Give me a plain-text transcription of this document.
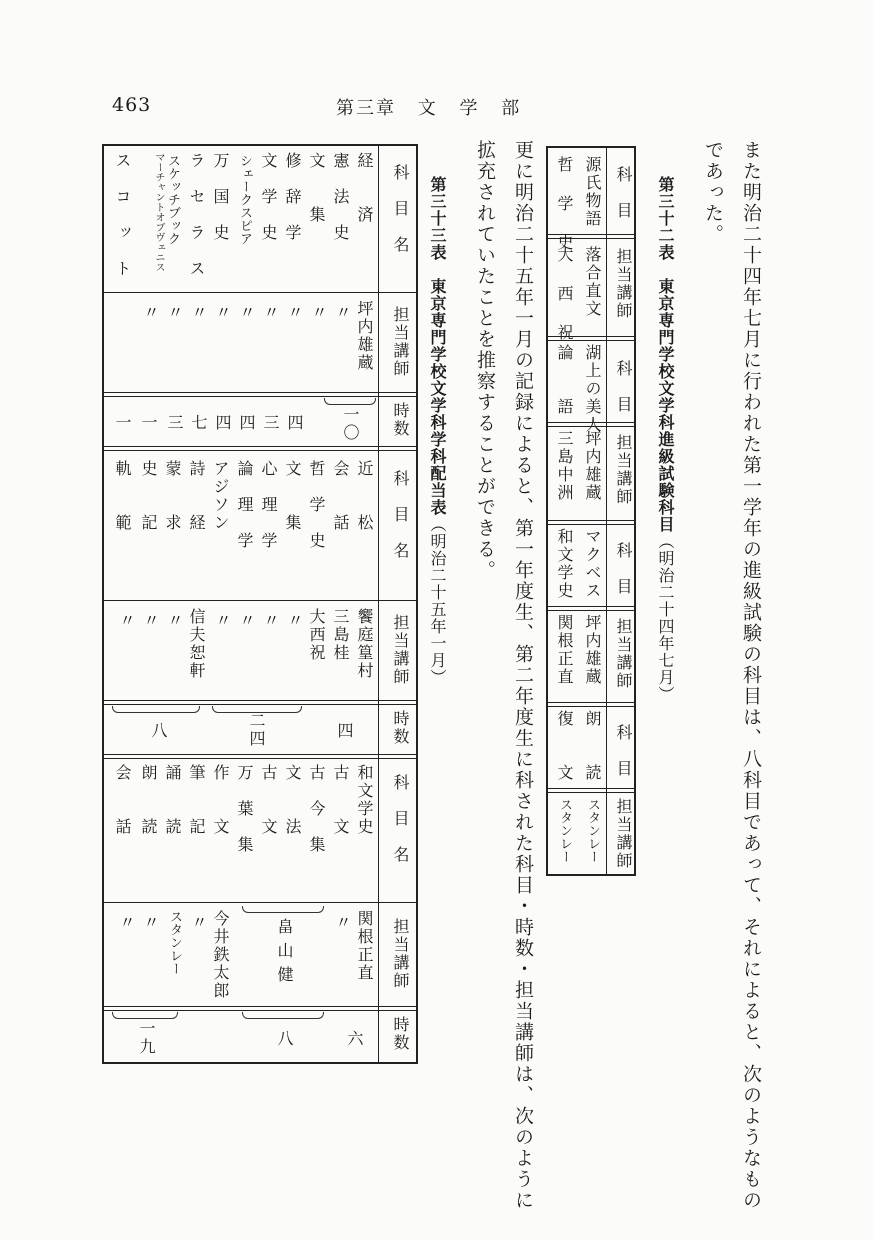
463	第三章 文 学 部
また明治二十四年七月に行われた第一学年の進級試験の科目は、八科目であって、それによると、次のようなもの
であった。
第三十二表　東京専門学校文学科進級試験科目（明治二十四年七月）
科　目
担当講師
科　目
担当講師
科　目
担当講師
科　目
担当講師
源氏物語
哲 学 史
落合直文
大 西 祝
湖上の美人
論　　語
坪内雄蔵
三島中洲
マクベス
和文学史
坪内雄蔵
関根正直
朗　　読
復　　文
スタンレー
スタンレー
更に明治二十五年一月の記録によると、第一年度生、第二年度生に科された科目・時数・担当講師は、次のように
拡充されていたことを推察することができる。
第三十三表　東京専門学校文学科学科配当表（明治二十五年一月）
科　目　名
担当講師
時数
科　目　名
担当講師
時数
科　目　名
担当講師
時数
経　　済
憲　法　史
文　　集
修　辞　学
文　学　史
シェークスピア
万　国　史
ラ　セ　ラ　ス
スケッチブック
マーチャントオブヴェニス
ス　コ　ッ　ト
坪内雄蔵
〃
〃
〃
〃
〃
〃
〃
〃
〃
一〇
四
三
四
四
七
三
一
一
近　　松
会　　話
哲　学　史
文　　集
心　理　学
論　理　学
アジソン
詩　　経
蒙　　求
史　　記
軌　　範
饗庭篁村
三島桂
大西祝
〃
〃
〃
〃
信夫恕軒
〃
〃
〃
四
二四
八
和文学史
古　　文
古　今　集
文　　法
古　　文
万　葉　集
作　　文
筆　　記
誦　　読
朗　　読
会　　話
関根正直
〃
畠山健
今井鉄太郎
〃
スタンレー
〃
〃
六
八
一九
